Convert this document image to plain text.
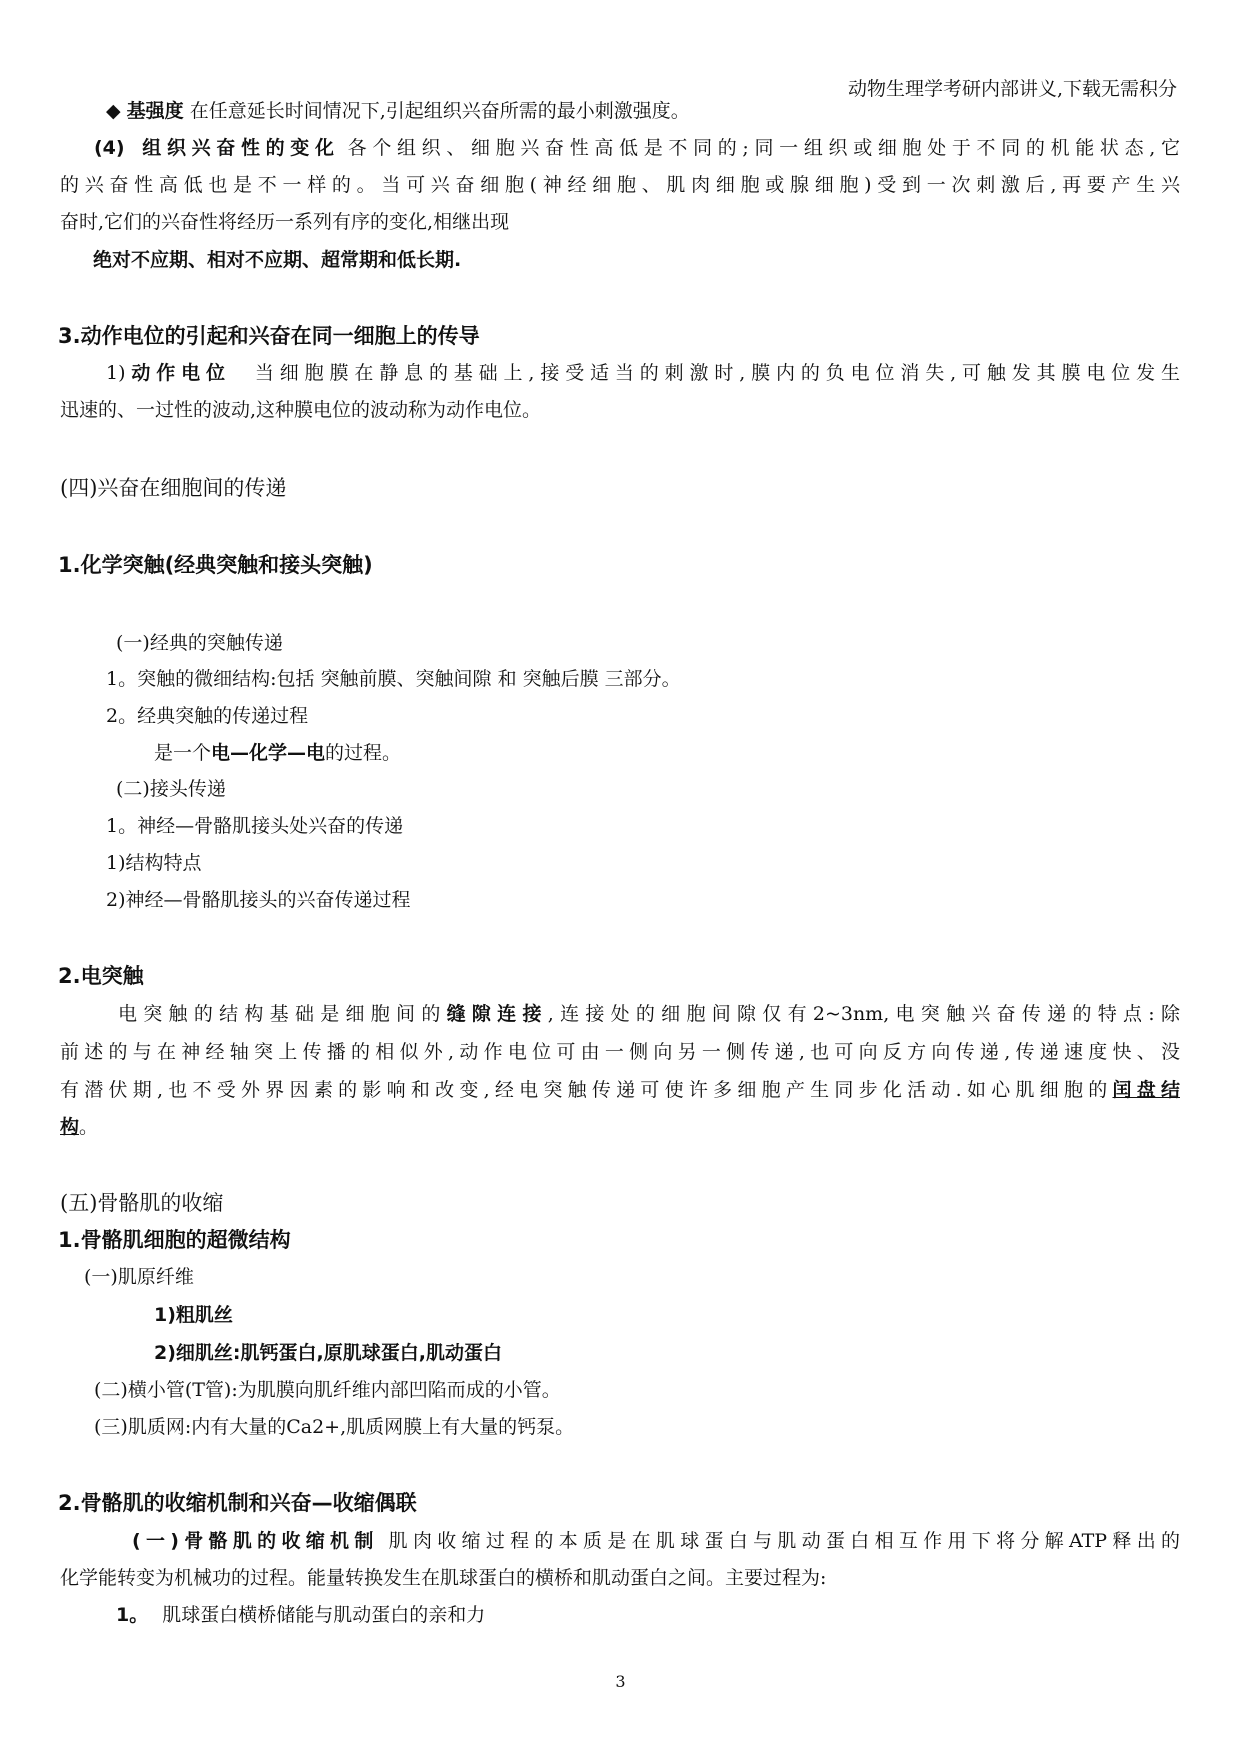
动物生理学考研内部讲义,下载无需积分
◆ 基强度 在任意延长时间情况下,引起组织兴奋所需的最小刺激强度。
(4) 组织兴奋性的变化 各个组织、细胞兴奋性高低是不同的;同一组织或细胞处于不同的机能状态,它
的兴奋性高低也是不一样的。当可兴奋细胞(神经细胞、肌肉细胞或腺细胞)受到一次刺激后,再要产生兴
奋时,它们的兴奋性将经历一系列有序的变化,相继出现
绝对不应期、相对不应期、超常期和低长期.
3.动作电位的引起和兴奋在同一细胞上的传导
1)动作电位 当细胞膜在静息的基础上,接受适当的刺激时,膜内的负电位消失,可触发其膜电位发生
迅速的、一过性的波动,这种膜电位的波动称为动作电位。
(四)兴奋在细胞间的传递
1.化学突触(经典突触和接头突触)
(一)经典的突触传递
1。突触的微细结构:包括 突触前膜、突触间隙 和 突触后膜 三部分。
2。经典突触的传递过程
是一个电—化学—电的过程。
(二)接头传递
1。神经—骨骼肌接头处兴奋的传递
1)结构特点
2)神经—骨骼肌接头的兴奋传递过程
2.电突触
电突触的结构基础是细胞间的缝隙连接,连接处的细胞间隙仅有2~3nm,电突触兴奋传递的特点:除
前述的与在神经轴突上传播的相似外,动作电位可由一侧向另一侧传递,也可向反方向传递,传递速度快、没
有潜伏期,也不受外界因素的影响和改变,经电突触传递可使许多细胞产生同步化活动.如心肌细胞的闰盘结
构。
(五)骨骼肌的收缩
1.骨骼肌细胞的超微结构
(一)肌原纤维
1)粗肌丝
2)细肌丝:肌钙蛋白,原肌球蛋白,肌动蛋白
(二)横小管(T管):为肌膜向肌纤维内部凹陷而成的小管。
(三)肌质网:内有大量的Ca2+,肌质网膜上有大量的钙泵。
2.骨骼肌的收缩机制和兴奋—收缩偶联
(一)骨骼肌的收缩机制 肌肉收缩过程的本质是在肌球蛋白与肌动蛋白相互作用下将分解ATP释出的
化学能转变为机械功的过程。能量转换发生在肌球蛋白的横桥和肌动蛋白之间。主要过程为:
1。 肌球蛋白横桥储能与肌动蛋白的亲和力
3
